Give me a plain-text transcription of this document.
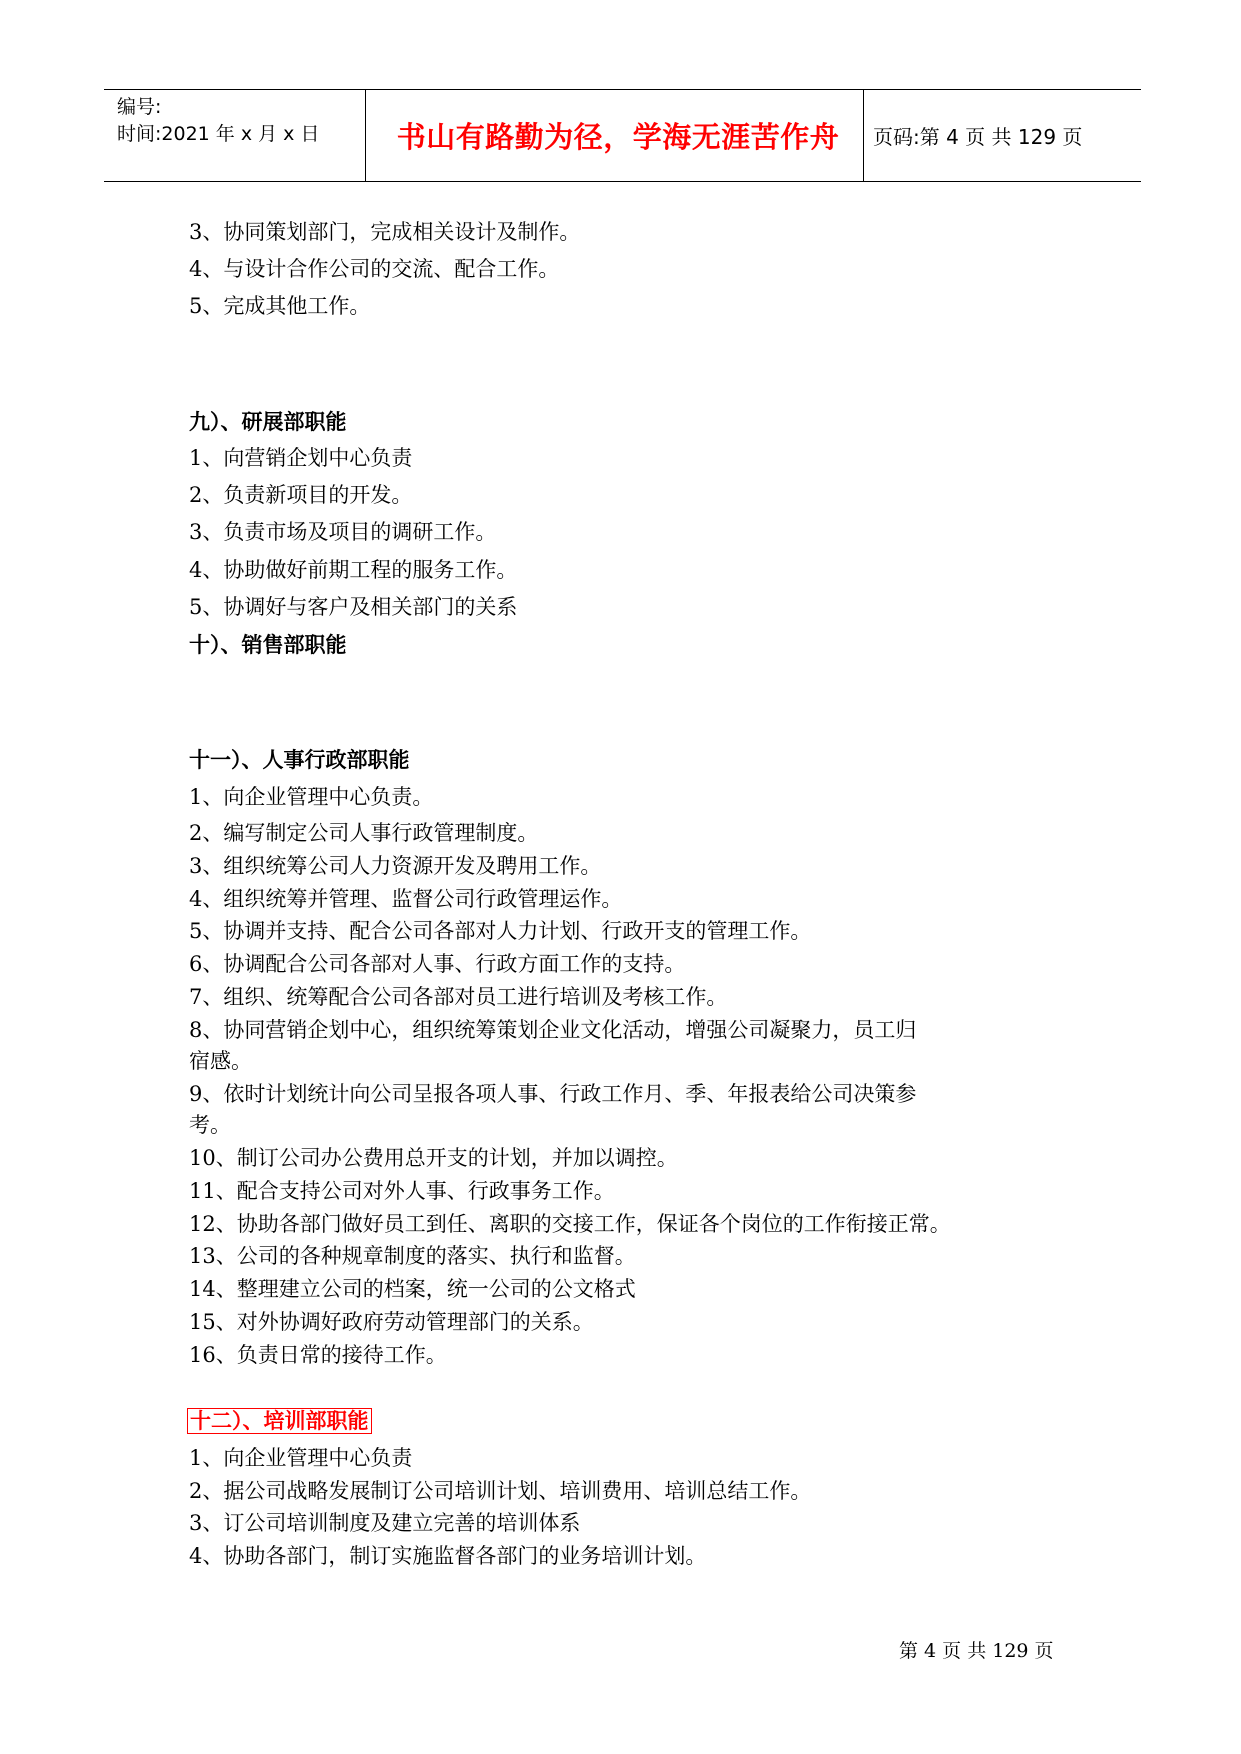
编号:
时间:2021 年 x 月 x 日	书山有路勤为径，学海无涯苦作舟	页码:第 4 页 共 129 页
3、协同策划部门，完成相关设计及制作。
4、与设计合作公司的交流、配合工作。
5、完成其他工作。
九）、研展部职能
1、向营销企划中心负责
2、负责新项目的开发。
3、负责市场及项目的调研工作。
4、协助做好前期工程的服务工作。
5、协调好与客户及相关部门的关系
十）、销售部职能
十一）、人事行政部职能
1、向企业管理中心负责。
2、编写制定公司人事行政管理制度。
3、组织统筹公司人力资源开发及聘用工作。
4、组织统筹并管理、监督公司行政管理运作。
5、协调并支持、配合公司各部对人力计划、行政开支的管理工作。
6、协调配合公司各部对人事、行政方面工作的支持。
7、组织、统筹配合公司各部对员工进行培训及考核工作。
8、协同营销企划中心，组织统筹策划企业文化活动，增强公司凝聚力，员工归
宿感。
9、依时计划统计向公司呈报各项人事、行政工作月、季、年报表给公司决策参
考。
10、制订公司办公费用总开支的计划，并加以调控。
11、配合支持公司对外人事、行政事务工作。
12、协助各部门做好员工到任、离职的交接工作，保证各个岗位的工作衔接正常。
13、公司的各种规章制度的落实、执行和监督。
14、整理建立公司的档案，统一公司的公文格式
15、对外协调好政府劳动管理部门的关系。
16、负责日常的接待工作。
十二）、培训部职能
1、向企业管理中心负责
2、据公司战略发展制订公司培训计划、培训费用、培训总结工作。
3、订公司培训制度及建立完善的培训体系
4、协助各部门，制订实施监督各部门的业务培训计划。
第 4 页 共 129 页
